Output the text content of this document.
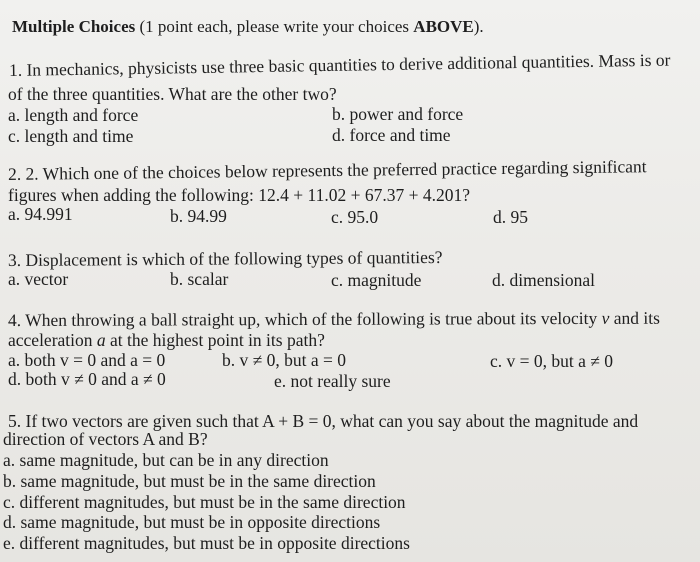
Multiple Choices (1 point each, please write your choices ABOVE).
1. In mechanics, physicists use three basic quantities to derive additional quantities. Mass is or
of the three quantities. What are the other two?
a. length and force	b. power and force
c. length and time	d. force and time
2. 2. Which one of the choices below represents the preferred practice regarding significant
figures when adding the following: 12.4 + 11.02 + 67.37 + 4.201?
a. 94.991	b. 94.99	c. 95.0	d. 95
3. Displacement is which of the following types of quantities?
a. vector	b. scalar	c. magnitude	d. dimensional
4. When throwing a ball straight up, which of the following is true about its velocity v and its
acceleration a at the highest point in its path?
a. both v = 0 and a = 0	b. v ≠ 0, but a = 0	c. v = 0, but a ≠ 0
d. both v ≠ 0 and a ≠ 0	e. not really sure
5. If two vectors are given such that A + B = 0, what can you say about the magnitude and
direction of vectors A and B?
a. same magnitude, but can be in any direction
b. same magnitude, but must be in the same direction
c. different magnitudes, but must be in the same direction
d. same magnitude, but must be in opposite directions
e. different magnitudes, but must be in opposite directions
